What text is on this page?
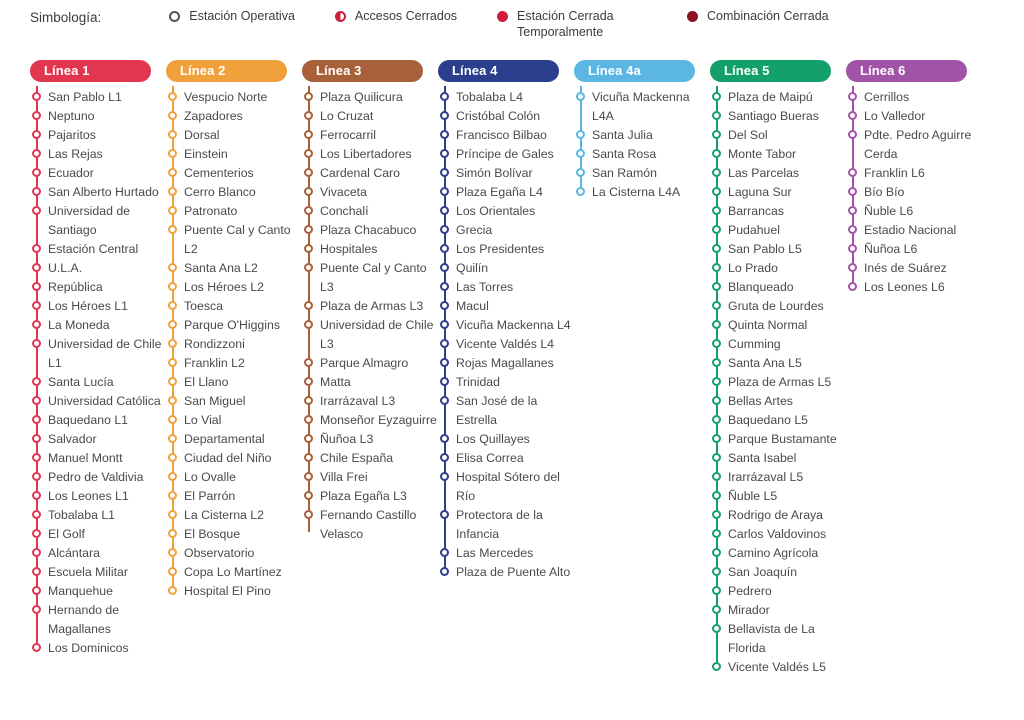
Simbología:	Estación Operativa	Accesos Cerrados	Estación Cerrada Temporalmente
Combinación Cerrada
Línea 1
San Pablo L1
Neptuno
Pajaritos
Las Rejas
Ecuador
San Alberto Hurtado
Universidad de Santiago
Estación Central
U.L.A.
República
Los Héroes L1
La Moneda
Universidad de Chile L1
Santa Lucía
Universidad Católica
Baquedano L1
Salvador
Manuel Montt
Pedro de Valdivia
Los Leones L1
Tobalaba L1
El Golf
Alcántara
Escuela Militar
Manquehue
Hernando de Magallanes
Los Dominicos
Línea 2
Vespucio Norte
Zapadores
Dorsal
Einstein
Cementerios
Cerro Blanco
Patronato
Puente Cal y Canto L2
Santa Ana L2
Los Héroes L2
Toesca
Parque O'Higgins
Rondizzoni
Franklin L2
El Llano
San Miguel
Lo Vial
Departamental
Ciudad del Niño
Lo Ovalle
El Parrón
La Cisterna L2
El Bosque
Observatorio
Copa Lo Martínez
Hospital El Pino
Línea 3
Plaza Quilicura
Lo Cruzat
Ferrocarril
Los Libertadores
Cardenal Caro
Vivaceta
Conchalí
Plaza Chacabuco
Hospitales
Puente Cal y Canto L3
Plaza de Armas L3
Universidad de Chile L3
Parque Almagro
Matta
Irarrázaval L3
Monseñor Eyzaguirre
Ñuñoa L3
Chile España
Villa Frei
Plaza Egaña L3
Fernando Castillo Velasco
Línea 4
Tobalaba L4
Cristóbal Colón
Francisco Bilbao
Príncipe de Gales
Simón Bolívar
Plaza Egaña L4
Los Orientales
Grecia
Los Presidentes
Quilín
Las Torres
Macul
Vicuña Mackenna L4
Vicente Valdés L4
Rojas Magallanes
Trinidad
San José de la Estrella
Los Quillayes
Elisa Correa
Hospital Sótero del Río
Protectora de la Infancia
Las Mercedes
Plaza de Puente Alto
Línea 4a
Vicuña Mackenna L4A
Santa Julia
Santa Rosa
San Ramón
La Cisterna L4A
Línea 5
Plaza de Maipú
Santiago Bueras
Del Sol
Monte Tabor
Las Parcelas
Laguna Sur
Barrancas
Pudahuel
San Pablo L5
Lo Prado
Blanqueado
Gruta de Lourdes
Quinta Normal
Cumming
Santa Ana L5
Plaza de Armas L5
Bellas Artes
Baquedano L5
Parque Bustamante
Santa Isabel
Irarrázaval L5
Ñuble L5
Rodrigo de Araya
Carlos Valdovinos
Camino Agrícola
San Joaquín
Pedrero
Mirador
Bellavista de La Florida
Vicente Valdés L5
Línea 6
Cerrillos
Lo Valledor
Pdte. Pedro Aguirre Cerda
Franklin L6
Bío Bío
Ñuble L6
Estadio Nacional
Ñuñoa L6
Inés de Suárez
Los Leones L6
